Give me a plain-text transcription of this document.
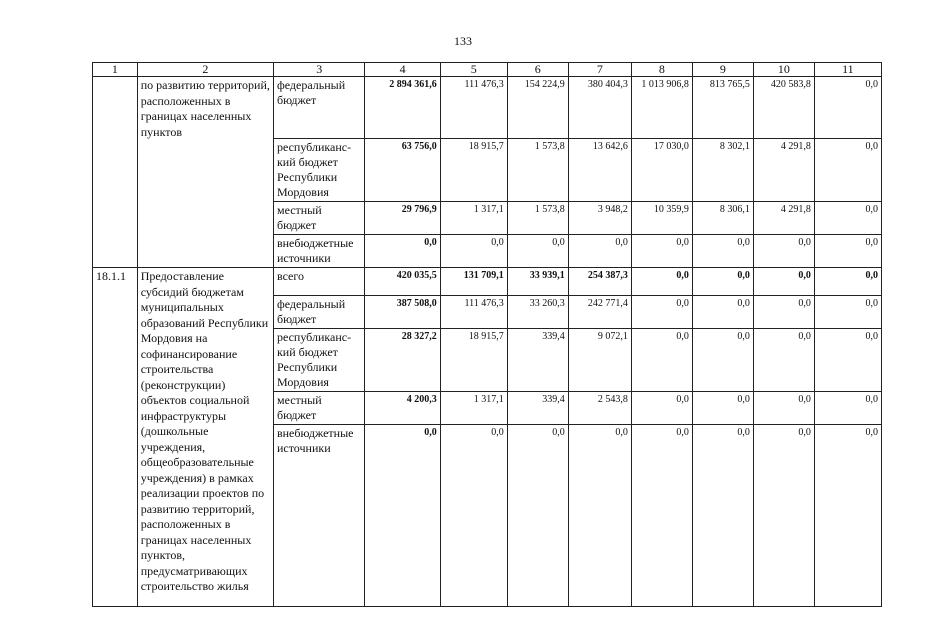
133
1	2	3	4	5	6	7	8	9	10	11
	по развитию территорий, расположенных в границах населенных пунктов	федеральный бюджет	2 894 361,6	111 476,3	154 224,9	380 404,3	1 013 906,8	813 765,5	420 583,8	0,0
		республиканс-кий бюджет Республики Мордовия	63 756,0	18 915,7	1 573,8	13 642,6	17 030,0	8 302,1	4 291,8	0,0
		местный бюджет	29 796,9	1 317,1	1 573,8	3 948,2	10 359,9	8 306,1	4 291,8	0,0
		внебюджетные источники	0,0	0,0	0,0	0,0	0,0	0,0	0,0	0,0
18.1.1	Предоставление субсидий бюджетам муниципальных образований Республики Мордовия на софинансирование строительства (реконструкции) объектов социальной инфраструктуры (дошкольные учреждения, общеобразовательные учреждения) в рамках реализации проектов по развитию территорий, расположенных в границах населенных пунктов, предусматривающих строительство жилья	всего	420 035,5	131 709,1	33 939,1	254 387,3	0,0	0,0	0,0	0,0
		федеральный бюджет	387 508,0	111 476,3	33 260,3	242 771,4	0,0	0,0	0,0	0,0
		республиканс-кий бюджет Республики Мордовия	28 327,2	18 915,7	339,4	9 072,1	0,0	0,0	0,0	0,0
		местный бюджет	4 200,3	1 317,1	339,4	2 543,8	0,0	0,0	0,0	0,0
		внебюджетные источники	0,0	0,0	0,0	0,0	0,0	0,0	0,0	0,0
